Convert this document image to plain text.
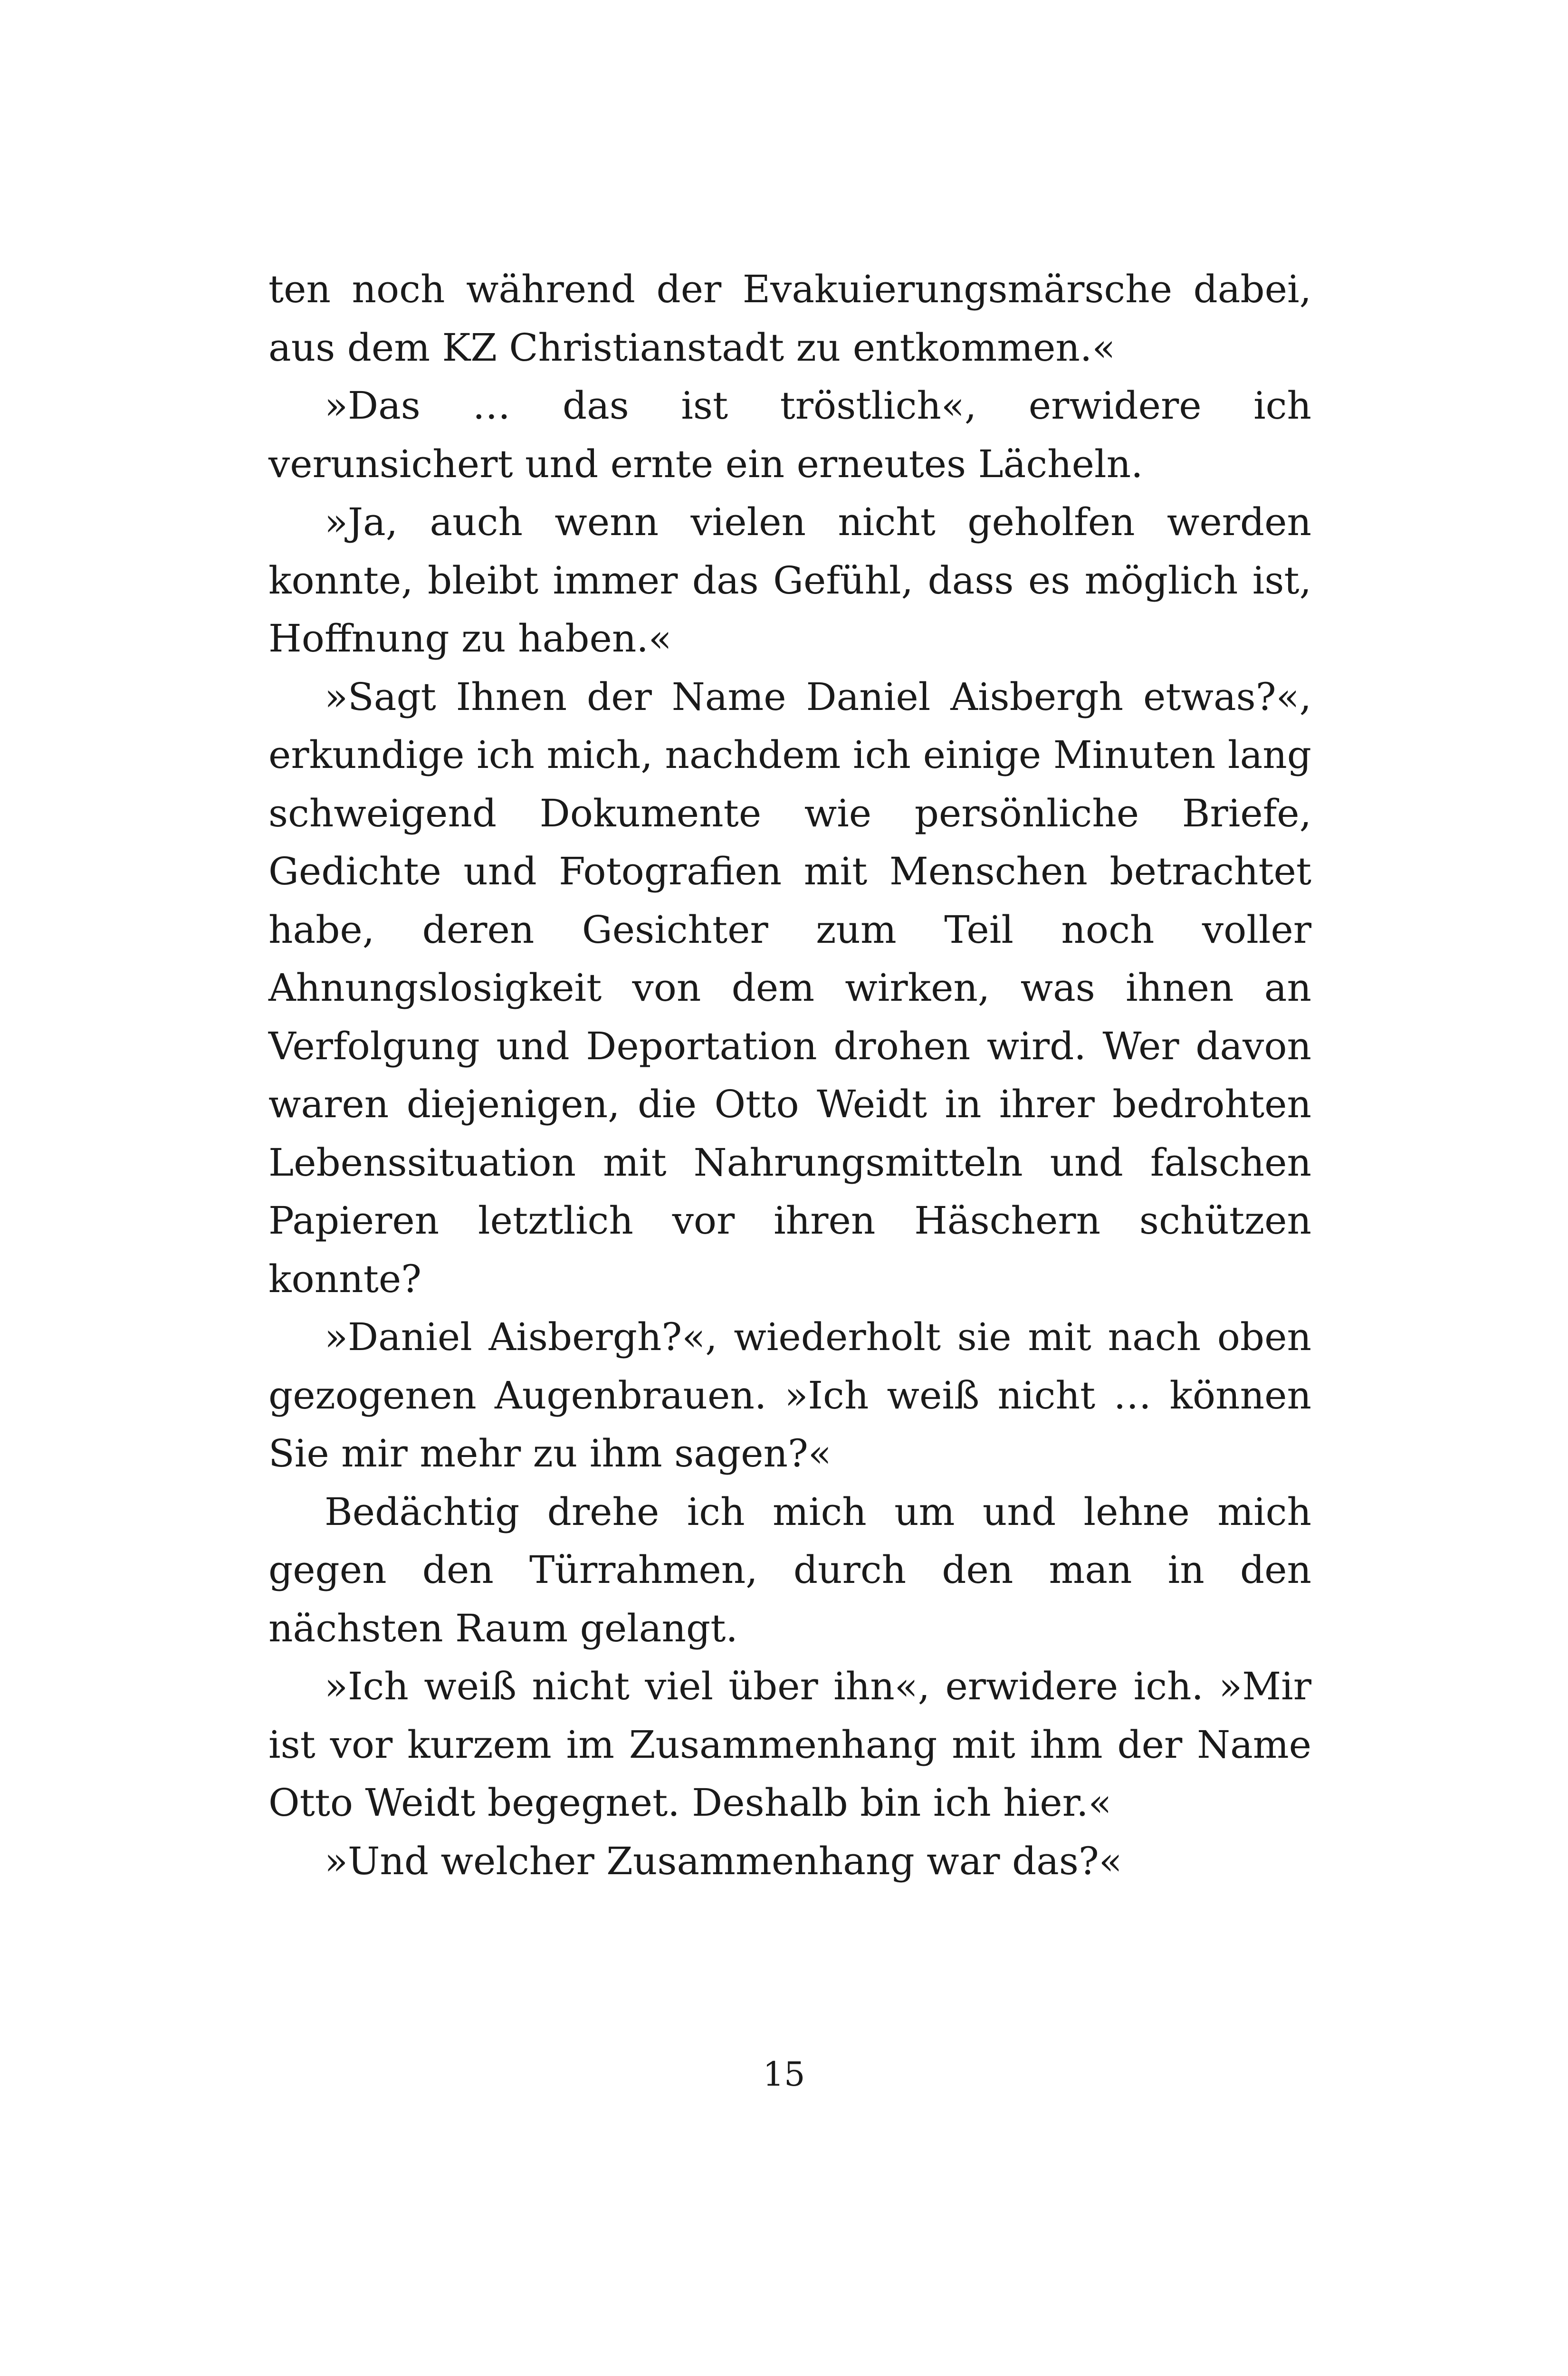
ten noch während der Evakuierungsmärsche dabei, aus dem KZ Christianstadt zu entkommen.«

»Das … das ist tröstlich«, erwidere ich verunsichert und ernte ein erneutes Lächeln.

»Ja, auch wenn vielen nicht geholfen werden konnte, bleibt immer das Gefühl, dass es möglich ist, Hoffnung zu haben.«

»Sagt Ihnen der Name Daniel Aisbergh etwas?«, erkundige ich mich, nachdem ich einige Minuten lang schweigend Dokumente wie persönliche Briefe, Gedichte und Fotografien mit Menschen betrachtet habe, deren Gesichter zum Teil noch voller Ahnungslosigkeit von dem wirken, was ihnen an Verfolgung und Deportation drohen wird. Wer davon waren diejenigen, die Otto Weidt in ihrer bedrohten Lebenssituation mit Nahrungsmitteln und falschen Papieren letztlich vor ihren Häschern schützen konnte?

»Daniel Aisbergh?«, wiederholt sie mit nach oben gezogenen Augenbrauen. »Ich weiß nicht … können Sie mir mehr zu ihm sagen?«

Bedächtig drehe ich mich um und lehne mich gegen den Türrahmen, durch den man in den nächsten Raum gelangt.

»Ich weiß nicht viel über ihn«, erwidere ich. »Mir ist vor kurzem im Zusammenhang mit ihm der Name Otto Weidt begegnet. Deshalb bin ich hier.«

»Und welcher Zusammenhang war das?«

15
